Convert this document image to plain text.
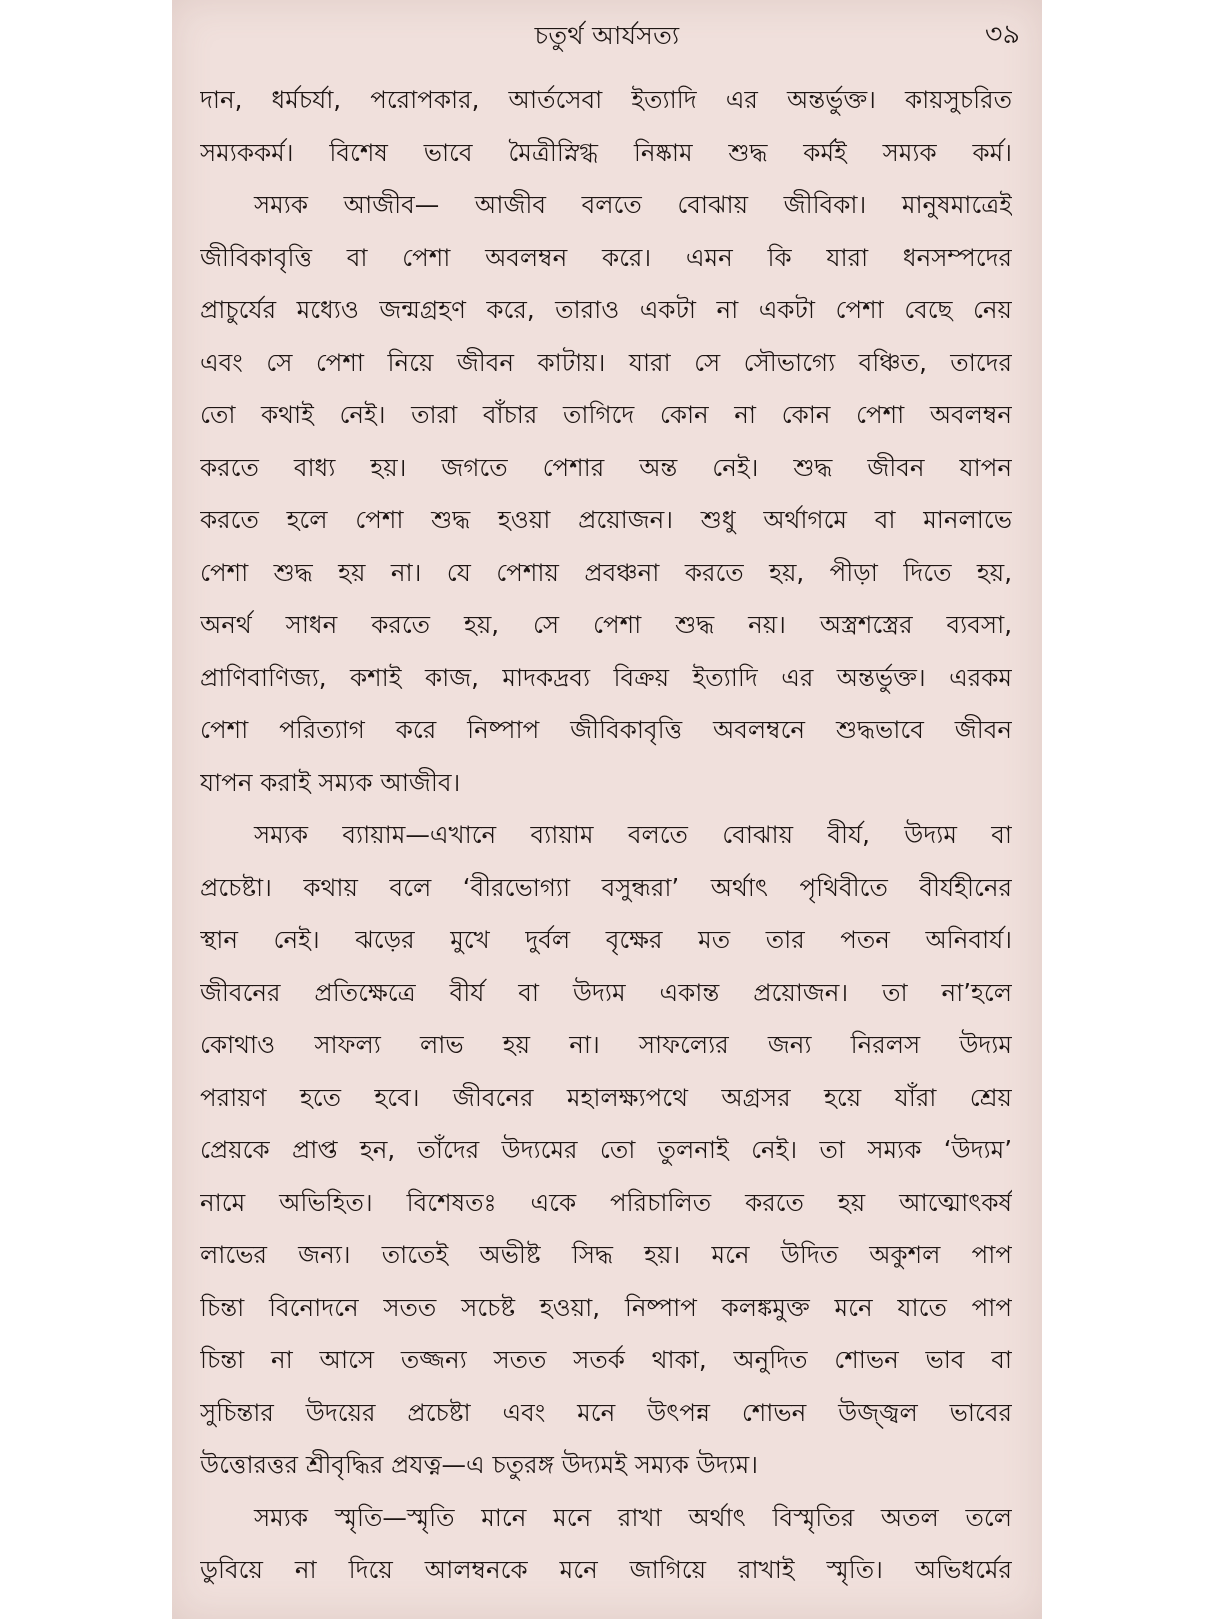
চতুর্থ আর্যসত্য	৩৯
দান, ধর্মচর্যা, পরোপকার, আর্তসেবা ইত্যাদি এর অন্তর্ভুক্ত। কায়সুচরিত
সম্যককর্ম। বিশেষ ভাবে মৈত্রীস্নিগ্ধ নিষ্কাম শুদ্ধ কর্মই সম্যক কর্ম।
সম্যক আজীব— আজীব বলতে বোঝায় জীবিকা। মানুষমাত্রেই
জীবিকাবৃত্তি বা পেশা অবলম্বন করে। এমন কি যারা ধনসম্পদের
প্রাচুর্যের মধ্যেও জন্মগ্রহণ করে, তারাও একটা না একটা পেশা বেছে নেয়
এবং সে পেশা নিয়ে জীবন কাটায়। যারা সে সৌভাগ্যে বঞ্চিত, তাদের
তো কথাই নেই। তারা বাঁচার তাগিদে কোন না কোন পেশা অবলম্বন
করতে বাধ্য হয়। জগতে পেশার অন্ত নেই। শুদ্ধ জীবন যাপন
করতে হলে পেশা শুদ্ধ হওয়া প্রয়োজন। শুধু অর্থাগমে বা মানলাভে
পেশা শুদ্ধ হয় না। যে পেশায় প্রবঞ্চনা করতে হয়, পীড়া দিতে হয়,
অনর্থ সাধন করতে হয়, সে পেশা শুদ্ধ নয়। অস্ত্রশস্ত্রের ব্যবসা,
প্রাণিবাণিজ্য, কশাই কাজ, মাদকদ্রব্য বিক্রয় ইত্যাদি এর অন্তর্ভুক্ত। এরকম
পেশা পরিত্যাগ করে নিষ্পাপ জীবিকাবৃত্তি অবলম্বনে শুদ্ধভাবে জীবন
যাপন করাই সম্যক আজীব।
সম্যক ব্যায়াম—এখানে ব্যায়াম বলতে বোঝায় বীর্য, উদ্যম বা
প্রচেষ্টা। কথায় বলে ‘বীরভোগ্যা বসুন্ধরা’ অর্থাৎ পৃথিবীতে বীর্যহীনের
স্থান নেই। ঝড়ের মুখে দুর্বল বৃক্ষের মত তার পতন অনিবার্য।
জীবনের প্রতিক্ষেত্রে বীর্য বা উদ্যম একান্ত প্রয়োজন। তা না’হলে
কোথাও সাফল্য লাভ হয় না। সাফল্যের জন্য নিরলস উদ্যম
পরায়ণ হতে হবে। জীবনের মহালক্ষ্যপথে অগ্রসর হয়ে যাঁরা শ্রেয়
প্রেয়কে প্রাপ্ত হন, তাঁদের উদ্যমের তো তুলনাই নেই। তা সম্যক ‘উদ্যম’
নামে অভিহিত। বিশেষতঃ একে পরিচালিত করতে হয় আত্মোৎকর্ষ
লাভের জন্য। তাতেই অভীষ্ট সিদ্ধ হয়। মনে উদিত অকুশল পাপ
চিন্তা বিনোদনে সতত সচেষ্ট হওয়া, নিষ্পাপ কলঙ্কমুক্ত মনে যাতে পাপ
চিন্তা না আসে তজ্জন্য সতত সতর্ক থাকা, অনুদিত শোভন ভাব বা
সুচিন্তার উদয়ের প্রচেষ্টা এবং মনে উৎপন্ন শোভন উজ্জ্বল ভাবের
উত্তোরত্তর শ্রীবৃদ্ধির প্রযত্ন—এ চতুরঙ্গ উদ্যমই সম্যক উদ্যম।
সম্যক স্মৃতি—স্মৃতি মানে মনে রাখা অর্থাৎ বিস্মৃতির অতল তলে
ডুবিয়ে না দিয়ে আলম্বনকে মনে জাগিয়ে রাখাই স্মৃতি। অভিধর্মের
